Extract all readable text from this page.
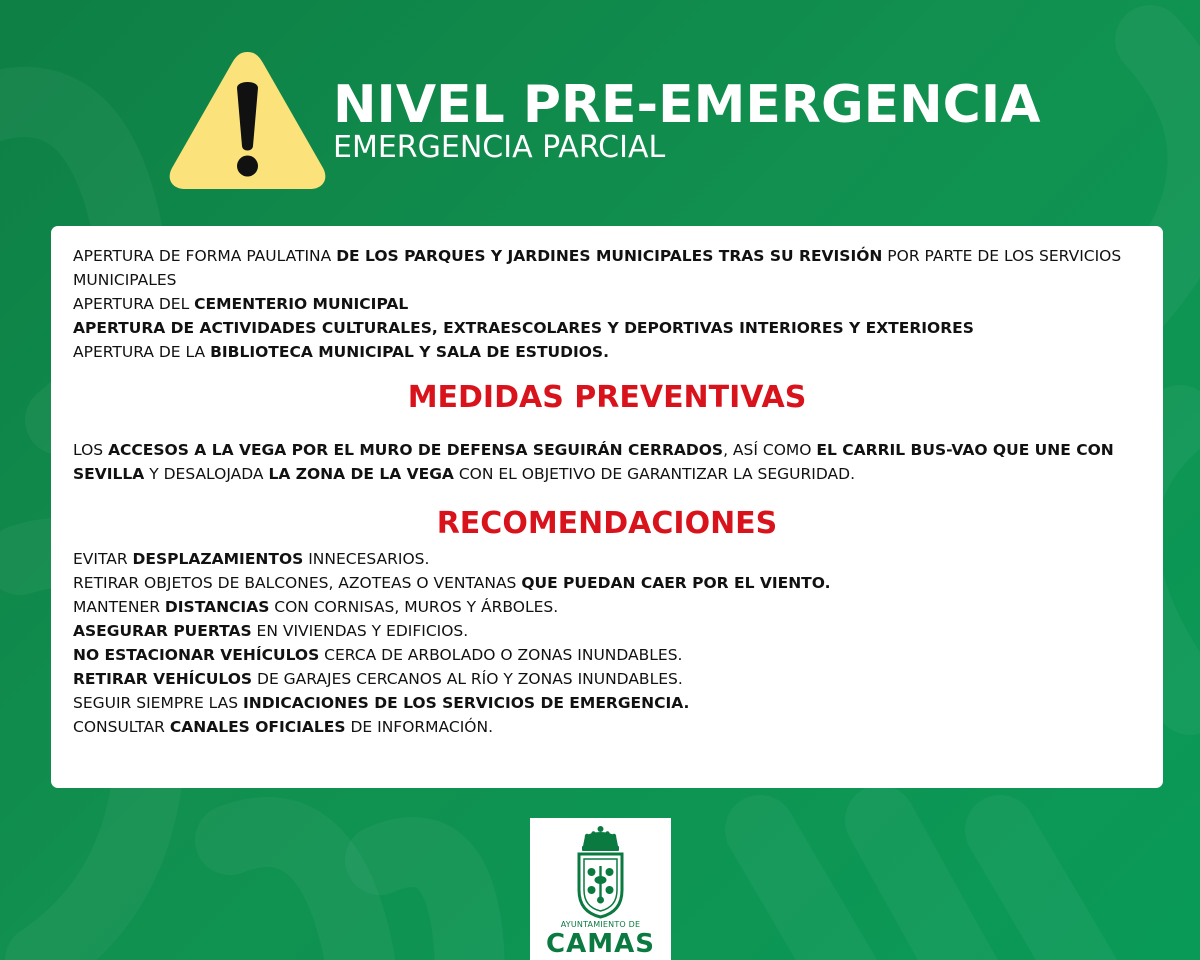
NIVEL PRE-EMERGENCIA
EMERGENCIA PARCIAL

APERTURA DE FORMA PAULATINA DE LOS PARQUES Y JARDINES MUNICIPALES TRAS SU REVISIÓN POR PARTE DE LOS SERVICIOS MUNICIPALES

APERTURA DEL CEMENTERIO MUNICIPAL

APERTURA DE ACTIVIDADES CULTURALES, EXTRAESCOLARES Y DEPORTIVAS INTERIORES Y EXTERIORES

APERTURA DE LA BIBLIOTECA MUNICIPAL Y SALA DE ESTUDIOS.

MEDIDAS PREVENTIVAS

LOS ACCESOS A LA VEGA POR EL MURO DE DEFENSA SEGUIRÁN CERRADOS, ASÍ COMO EL CARRIL BUS-VAO QUE UNE CON SEVILLA Y DESALOJADA LA ZONA DE LA VEGA CON EL OBJETIVO DE GARANTIZAR LA SEGURIDAD.

RECOMENDACIONES

EVITAR DESPLAZAMIENTOS INNECESARIOS.

RETIRAR OBJETOS DE BALCONES, AZOTEAS O VENTANAS QUE PUEDAN CAER POR EL VIENTO.

MANTENER DISTANCIAS CON CORNISAS, MUROS Y ÁRBOLES.

ASEGURAR PUERTAS EN VIVIENDAS Y EDIFICIOS.

NO ESTACIONAR VEHÍCULOS CERCA DE ARBOLADO O ZONAS INUNDABLES.

RETIRAR VEHÍCULOS DE GARAJES CERCANOS AL RÍO Y ZONAS INUNDABLES.

SEGUIR SIEMPRE LAS INDICACIONES DE LOS SERVICIOS DE EMERGENCIA.

CONSULTAR CANALES OFICIALES DE INFORMACIÓN.

AYUNTAMIENTO DE
CAMAS
